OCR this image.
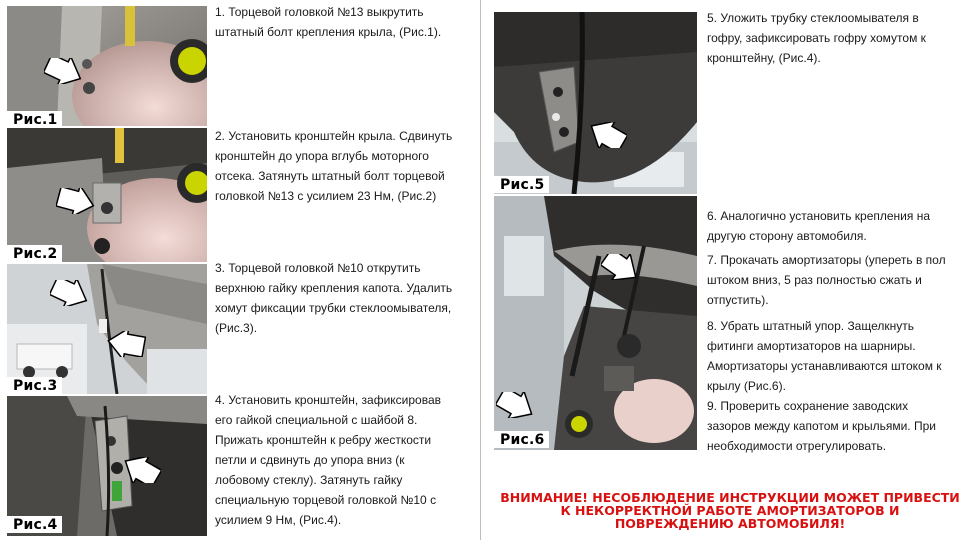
Рис.1
Рис.2
Рис.3
Рис.4
1. Торцевой головкой №13 выкрутить штатный болт крепления крыла, (Рис.1).
2. Установить кронштейн крыла. Сдвинуть кронштейн до упора вглубь моторного отсека. Затянуть штатный болт торцевой головкой №13 с усилием 23 Нм, (Рис.2)
3. Торцевой головкой №10 открутить верхнюю гайку крепления капота. Удалить хомут фиксации трубки стеклоомывателя, (Рис.3).
4. Установить кронштейн, зафиксировав его гайкой специальной с шайбой 8. Прижать кронштейн к ребру жесткости петли и сдвинуть до упора вниз (к лобовому стеклу). Затянуть гайку специальную торцевой головкой №10 с усилием 9 Нм, (Рис.4).
Рис.5
Рис.6
5. Уложить трубку стеклоомывателя в гофру, зафиксировать гофру хомутом к кронштейну, (Рис.4).
6. Аналогично установить крепления на другую сторону автомобиля.
7. Прокачать амортизаторы (упереть в пол штоком вниз, 5 раз полностью сжать и отпустить).
8. Убрать штатный упор. Защелкнуть фитинги амортизаторов на шарниры. Амортизаторы устанавливаются штоком к крылу (Рис.6).
9. Проверить сохранение заводских зазоров между капотом и крыльями. При необходимости отрегулировать.
ВНИМАНИЕ! НЕСОБЛЮДЕНИЕ ИНСТРУКЦИИ МОЖЕТ ПРИВЕСТИ К НЕКОРРЕКТНОЙ РАБОТЕ АМОРТИЗАТОРОВ И ПОВРЕЖДЕНИЮ АВТОМОБИЛЯ!
